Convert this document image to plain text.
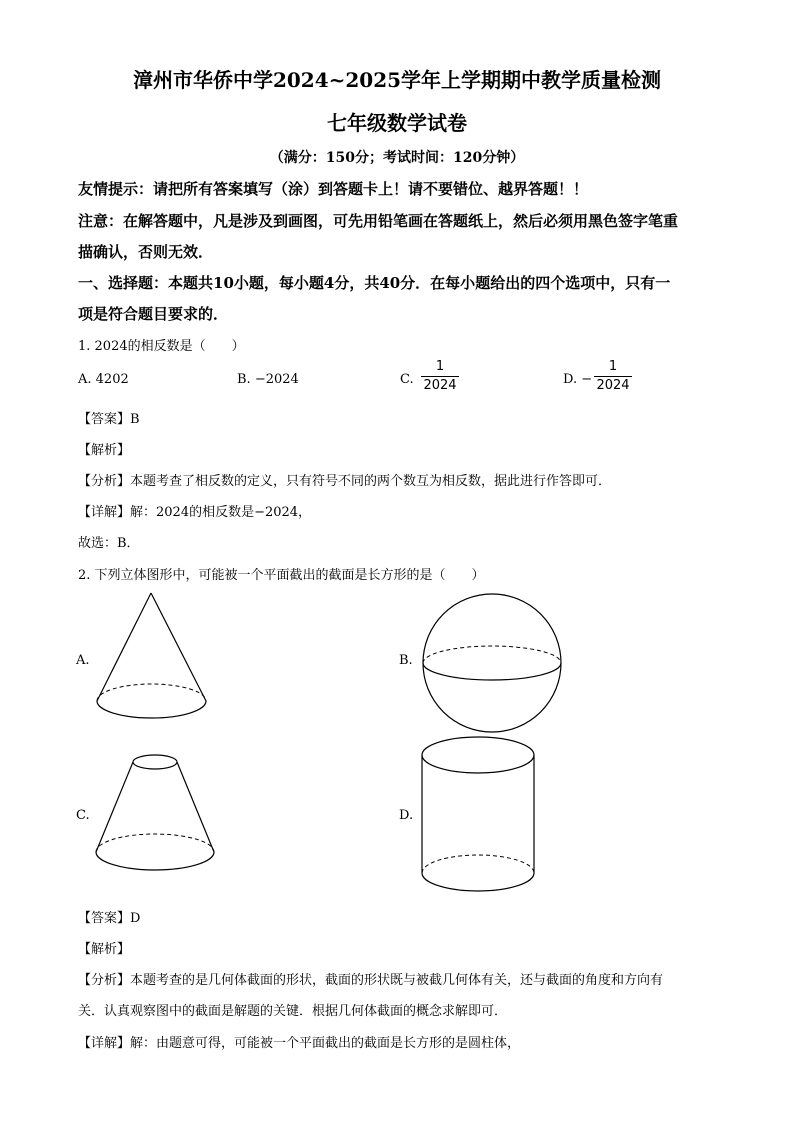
漳州市华侨中学2024~2025学年上学期期中教学质量检测
七年级数学试卷
（满分：150分；考试时间：120分钟）
友情提示：请把所有答案填写（涂）到答题卡上！请不要错位、越界答题！！
注意：在解答题中，凡是涉及到画图，可先用铅笔画在答题纸上，然后必须用黑色签字笔重
描确认，否则无效．
一、选择题：本题共10小题，每小题4分，共40分．在每小题给出的四个选项中，只有一
项是符合题目要求的．
1. 2024的相反数是（　　）
A. 4202	B. −2024	C.
1
2024	D. −
1
2024
【答案】B
【解析】
【分析】本题考查了相反数的定义，只有符号不同的两个数互为相反数，据此进行作答即可．
【详解】解：2024的相反数是−2024，
故选：B．
2. 下列立体图形中，可能被一个平面截出的截面是长方形的是（　　）
A.	B.
C.	D.
【答案】D
【解析】
【分析】本题考查的是几何体截面的形状，截面的形状既与被截几何体有关，还与截面的角度和方向有
关．认真观察图中的截面是解题的关键．根据几何体截面的概念求解即可．
【详解】解：由题意可得，可能被一个平面截出的截面是长方形的是圆柱体，
